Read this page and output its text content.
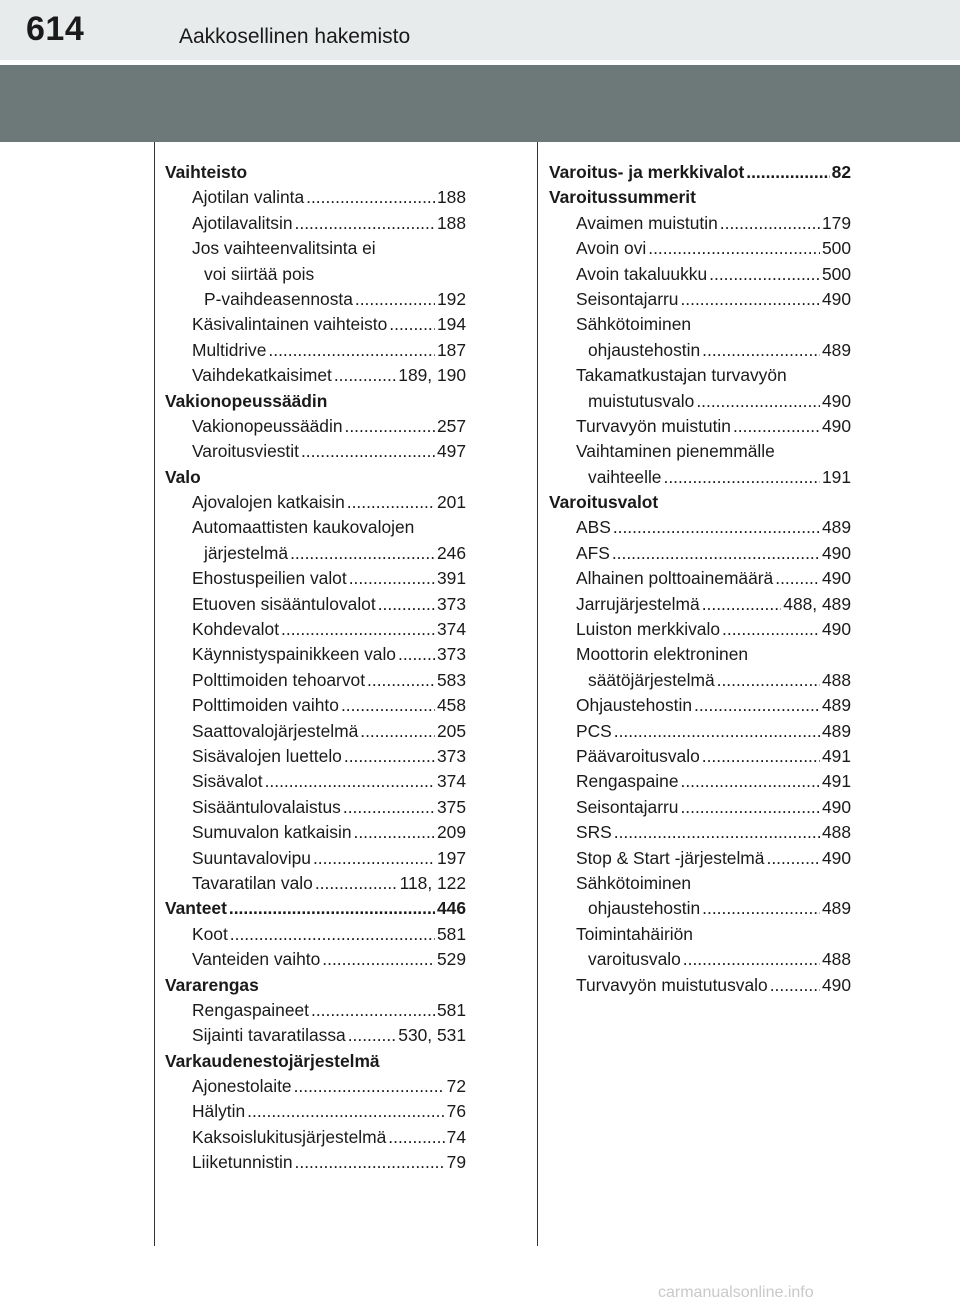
614	Aakkosellinen hakemisto
Vaihteisto
Ajotilan valinta .....	188
Ajotilavalitsin .....	188
Jos vaihteenvalitsinta ei
voi siirtää pois
P-vaihdeasennosta .....	192
Käsivalintainen vaihteisto .....	194
Multidrive .....	187
Vaihdekatkaisimet .....	189, 190
Vakionopeussäädin
Vakionopeussäädin .....	257
Varoitusviestit .....	497
Valo
Ajovalojen katkaisin .....	201
Automaattisten kaukovalojen
järjestelmä .....	246
Ehostuspeilien valot .....	391
Etuoven sisääntulovalot .....	373
Kohdevalot .....	374
Käynnistyspainikkeen valo ..... 373
Polttimoiden tehoarvot .....	583
Polttimoiden vaihto .....	458
Saattovalojärjestelmä .....	205
Sisävalojen luettelo .....	373
Sisävalot .....	374
Sisääntulovalaistus .....	375
Sumuvalon katkaisin .....	209
Suuntavalovipu .....	197
Tavaratilan valo .....	118, 122
Vanteet .....	446
Koot .....	581
Vanteiden vaihto .....	529
Vararengas
Rengaspaineet .....	581
Sijainti tavaratilassa .....	530, 531
Varkaudenestojärjestelmä
Ajonestolaite .....	72
Hälytin .....	76
Kaksoislukitusjärjestelmä .....	74
Liiketunnistin .....	79
Varoitus- ja merkkivalot .....	82
Varoitussummerit
Avaimen muistutin .....	179
Avoin ovi .....	500
Avoin takaluukku .....	500
Seisontajarru .....	490
Sähkötoiminen
ohjaustehostin .....	489
Takamatkustajan turvavyön
muistutusvalo .....	490
Turvavyön muistutin .....	490
Vaihtaminen pienemmälle
vaihteelle .....	191
Varoitusvalot
ABS .....	489
AFS .....	490
Alhainen polttoainemäärä .....	490
Jarrujärjestelmä .....	488, 489
Luiston merkkivalo .....	490
Moottorin elektroninen
säätöjärjestelmä .....	488
Ohjaustehostin .....	489
PCS .....	489
Päävaroitusvalo .....	491
Rengaspaine .....	491
Seisontajarru .....	490
SRS .....	488
Stop & Start -järjestelmä .....	490
Sähkötoiminen
ohjaustehostin .....	489
Toimintahäiriön
varoitusvalo .....	488
Turvavyön muistutusvalo .....	490
carmanualsonline.info
